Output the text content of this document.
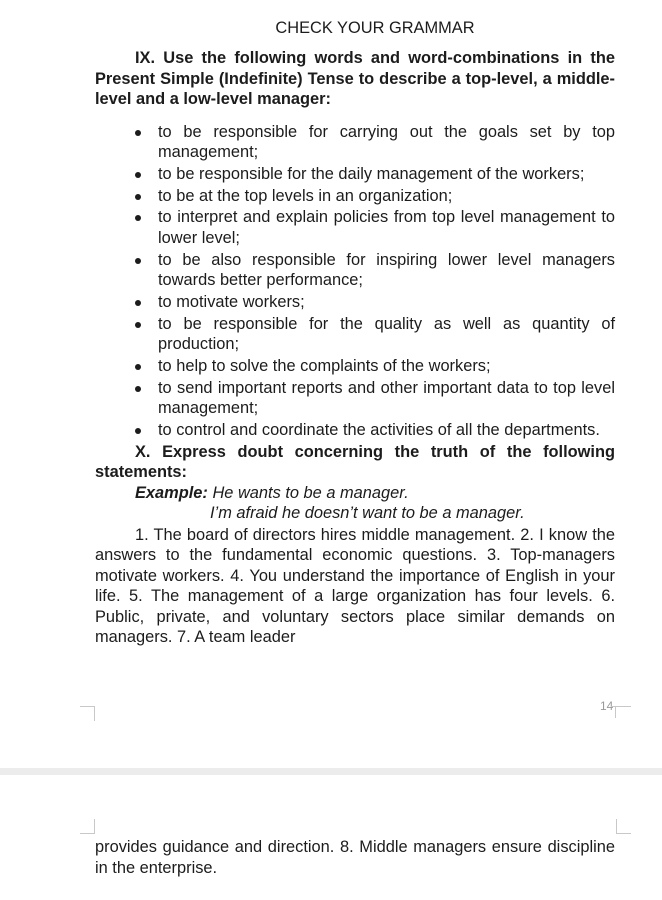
CHECK YOUR GRAMMAR
IX. Use the following words and word-combinations in the Present Simple (Indefinite) Tense to describe a top-level, a middle-level and a low-level manager:
to be responsible for carrying out the goals set by top management;
to be responsible for the daily management of the workers;
to be at the top levels in an organization;
to interpret and explain policies from top level management to lower level;
to be also responsible for inspiring lower level managers towards better performance;
to motivate workers;
to be responsible for the quality as well as quantity of production;
to help to solve the complaints of the workers;
to send important reports and other important data to top level management;
to control and coordinate the activities of all the departments.
X. Express doubt concerning the truth of the following statements:
Example: He wants to be a manager.
I’m afraid he doesn’t want to be a manager.
1. The board of directors hires middle management. 2. I know the answers to the fundamental economic questions. 3. Top-managers motivate workers. 4. You understand the importance of English in your life. 5. The management of a large organization has four levels. 6. Public, private, and voluntary sectors place similar demands on managers. 7. A team leader
14
provides guidance and direction. 8. Middle managers ensure discipline in the enterprise.
